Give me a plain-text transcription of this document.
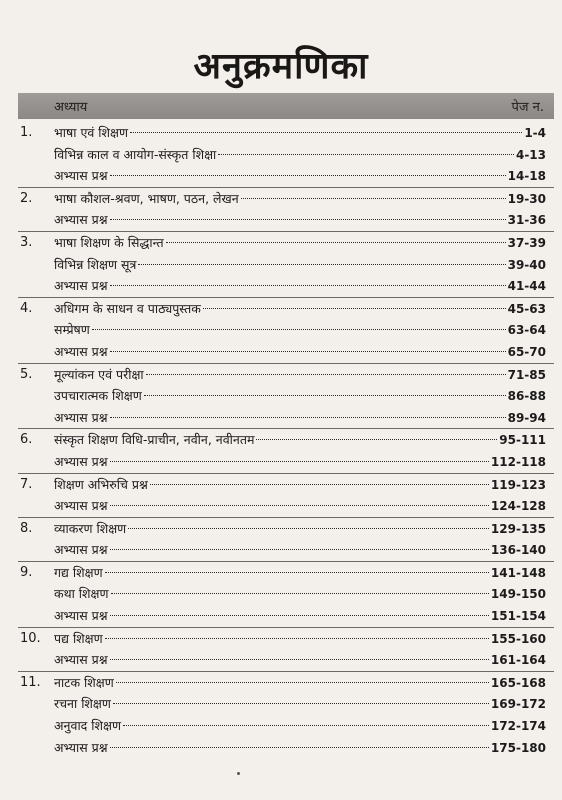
अनुक्रमणिका
अध्याय	पेज न.
1. भाषा एवं शिक्षण	1-4
विभिन्न काल व आयोग-संस्कृत शिक्षा	4-13
अभ्यास प्रश्न	14-18
2. भाषा कौशल-श्रवण, भाषण, पठन, लेखन	19-30
अभ्यास प्रश्न	31-36
3. भाषा शिक्षण के सिद्धान्त	37-39
विभिन्न शिक्षण सूत्र	39-40
अभ्यास प्रश्न	41-44
4. अधिगम के साधन व पाठ्यपुस्तक	45-63
सम्प्रेषण	63-64
अभ्यास प्रश्न	65-70
5. मूल्यांकन एवं परीक्षा	71-85
उपचारात्मक शिक्षण	86-88
अभ्यास प्रश्न	89-94
6. संस्कृत शिक्षण विधि-प्राचीन, नवीन, नवीनतम	95-111
अभ्यास प्रश्न	112-118
7. शिक्षण अभिरुचि प्रश्न	119-123
अभ्यास प्रश्न	124-128
8. व्याकरण शिक्षण	129-135
अभ्यास प्रश्न	136-140
9. गद्य शिक्षण	141-148
कथा शिक्षण	149-150
अभ्यास प्रश्न	151-154
10. पद्य शिक्षण	155-160
अभ्यास प्रश्न	161-164
11. नाटक शिक्षण	165-168
रचना शिक्षण	169-172
अनुवाद शिक्षण	172-174
अभ्यास प्रश्न	175-180
